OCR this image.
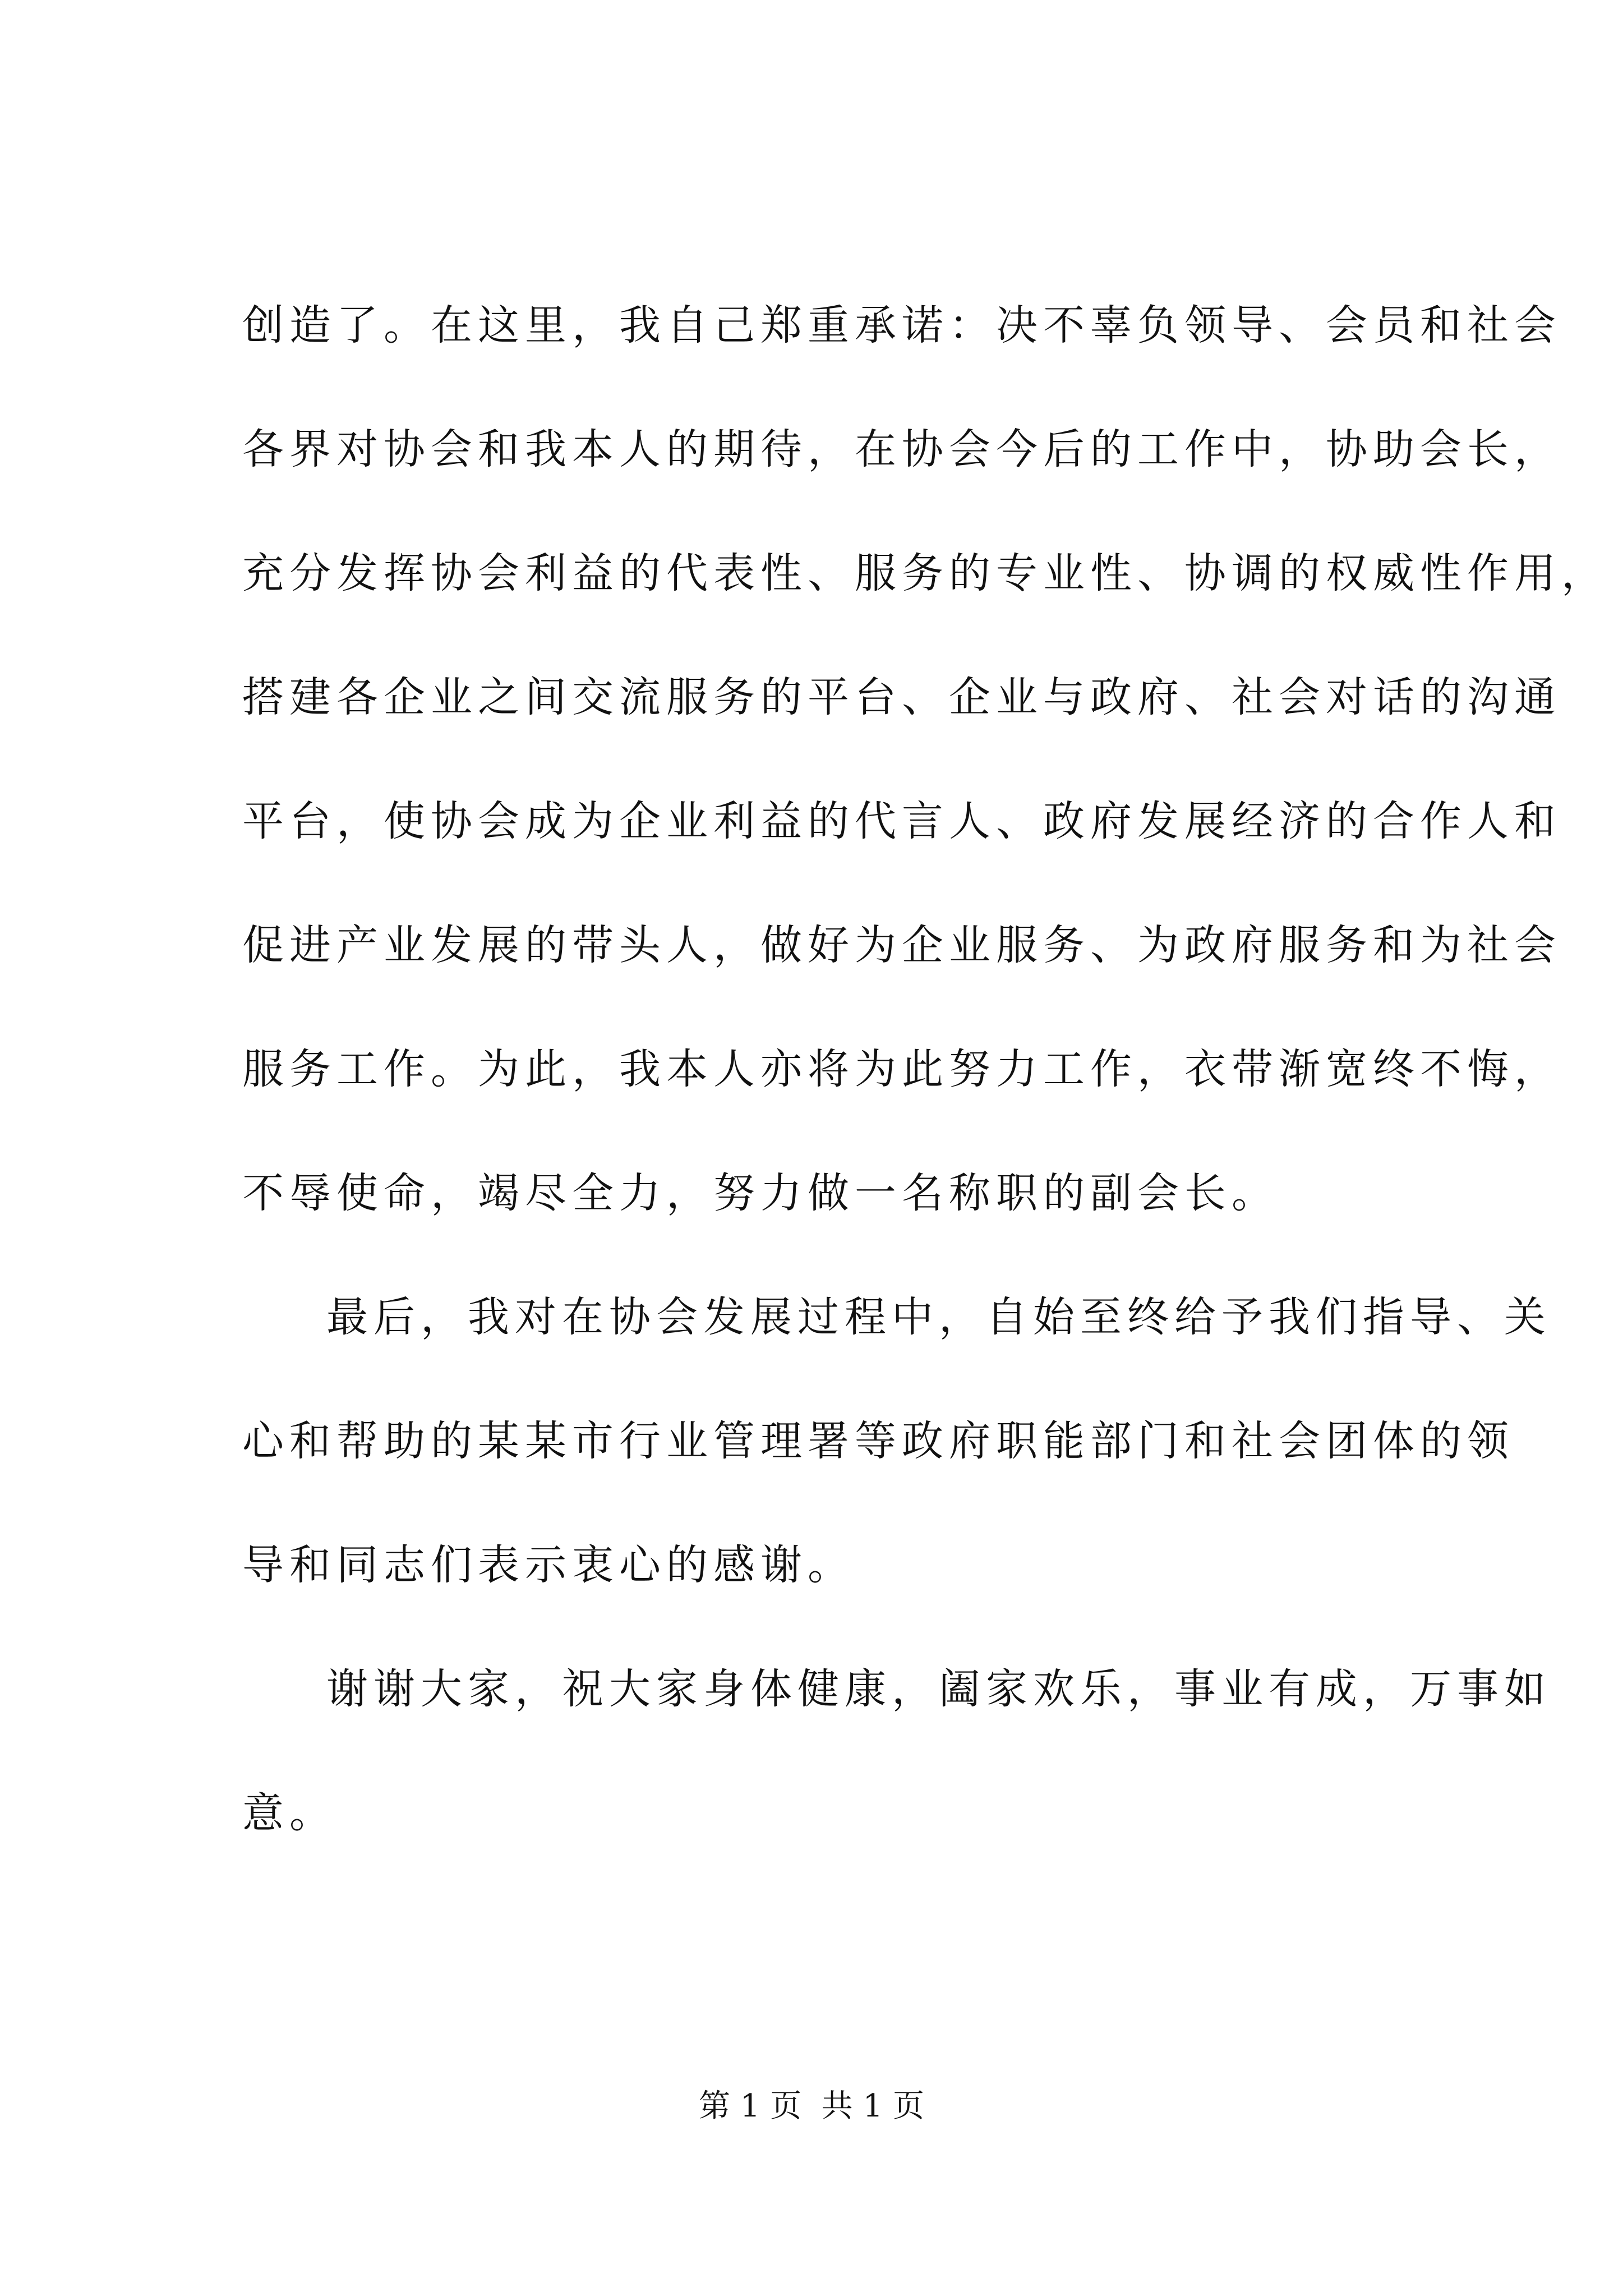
创造了。在这里，我自己郑重承诺：决不辜负领导、会员和社会
各界对协会和我本人的期待，在协会今后的工作中，协助会长，
充分发挥协会利益的代表性、服务的专业性、协调的权威性作用，
搭建各企业之间交流服务的平台、企业与政府、社会对话的沟通
平台，使协会成为企业利益的代言人、政府发展经济的合作人和
促进产业发展的带头人，做好为企业服务、为政府服务和为社会
服务工作。为此，我本人亦将为此努力工作，衣带渐宽终不悔，
不辱使命，竭尽全力，努力做一名称职的副会长。
最后，我对在协会发展过程中，自始至终给予我们指导、关
心和帮助的某某市行业管理署等政府职能部门和社会团体的领
导和同志们表示衷心的感谢。
谢谢大家，祝大家身体健康，阖家欢乐，事业有成，万事如
意。
第 1 页  共 1 页
